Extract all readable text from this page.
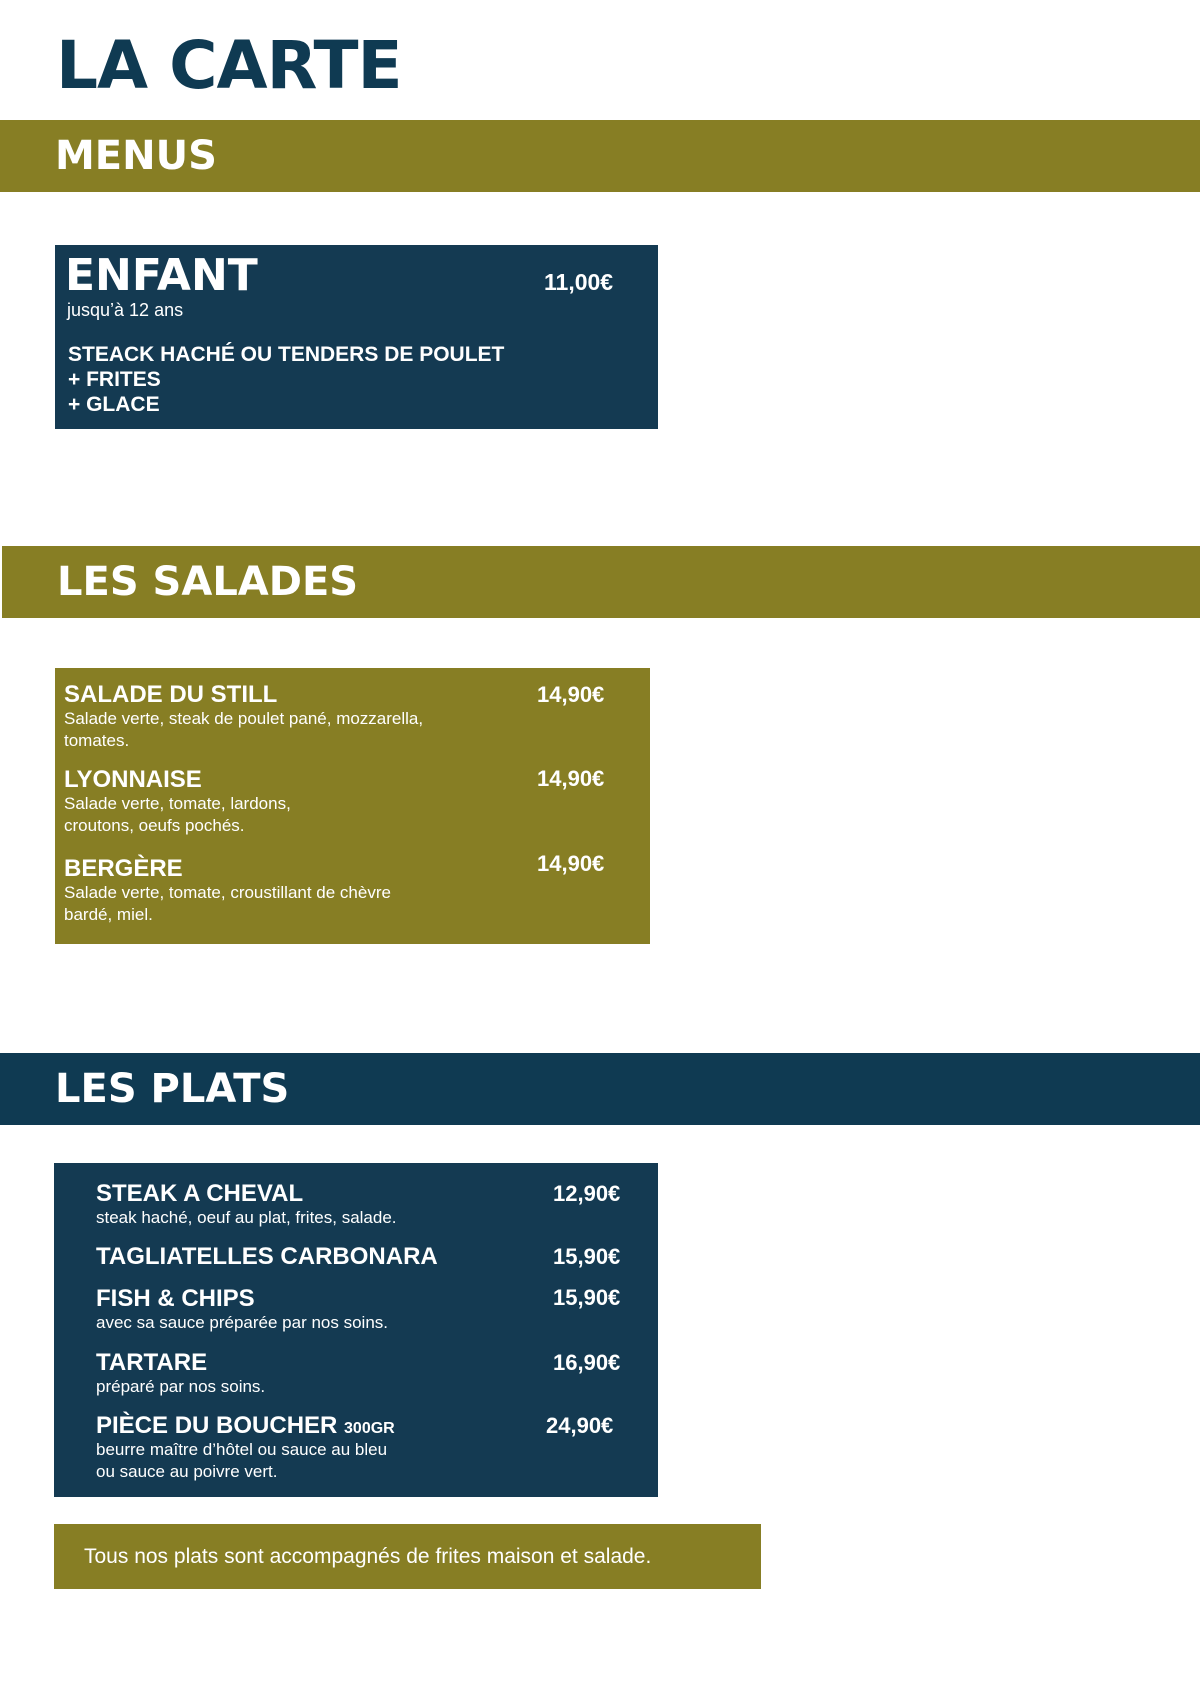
LA CARTE
MENUS
ENFANT	11,00€
jusqu’à 12 ans
STEACK HACHÉ OU TENDERS DE POULET
+ FRITES
+ GLACE
LES SALADES
SALADE DU STILL	14,90€
Salade verte, steak de poulet pané, mozzarella,
tomates.
LYONNAISE	14,90€
Salade verte, tomate, lardons,
croutons, oeufs pochés.
BERGÈRE	14,90€
Salade verte, tomate, croustillant de chèvre
bardé, miel.
LES PLATS
STEAK A CHEVAL	12,90€
steak haché, oeuf au plat, frites, salade.
TAGLIATELLES CARBONARA	15,90€
FISH & CHIPS	15,90€
avec sa sauce préparée par nos soins.
TARTARE	16,90€
préparé par nos soins.
PIÈCE DU BOUCHER 300GR	24,90€
beurre maître d’hôtel ou sauce au bleu
ou sauce au poivre vert.
Tous nos plats sont accompagnés de frites maison et salade.
